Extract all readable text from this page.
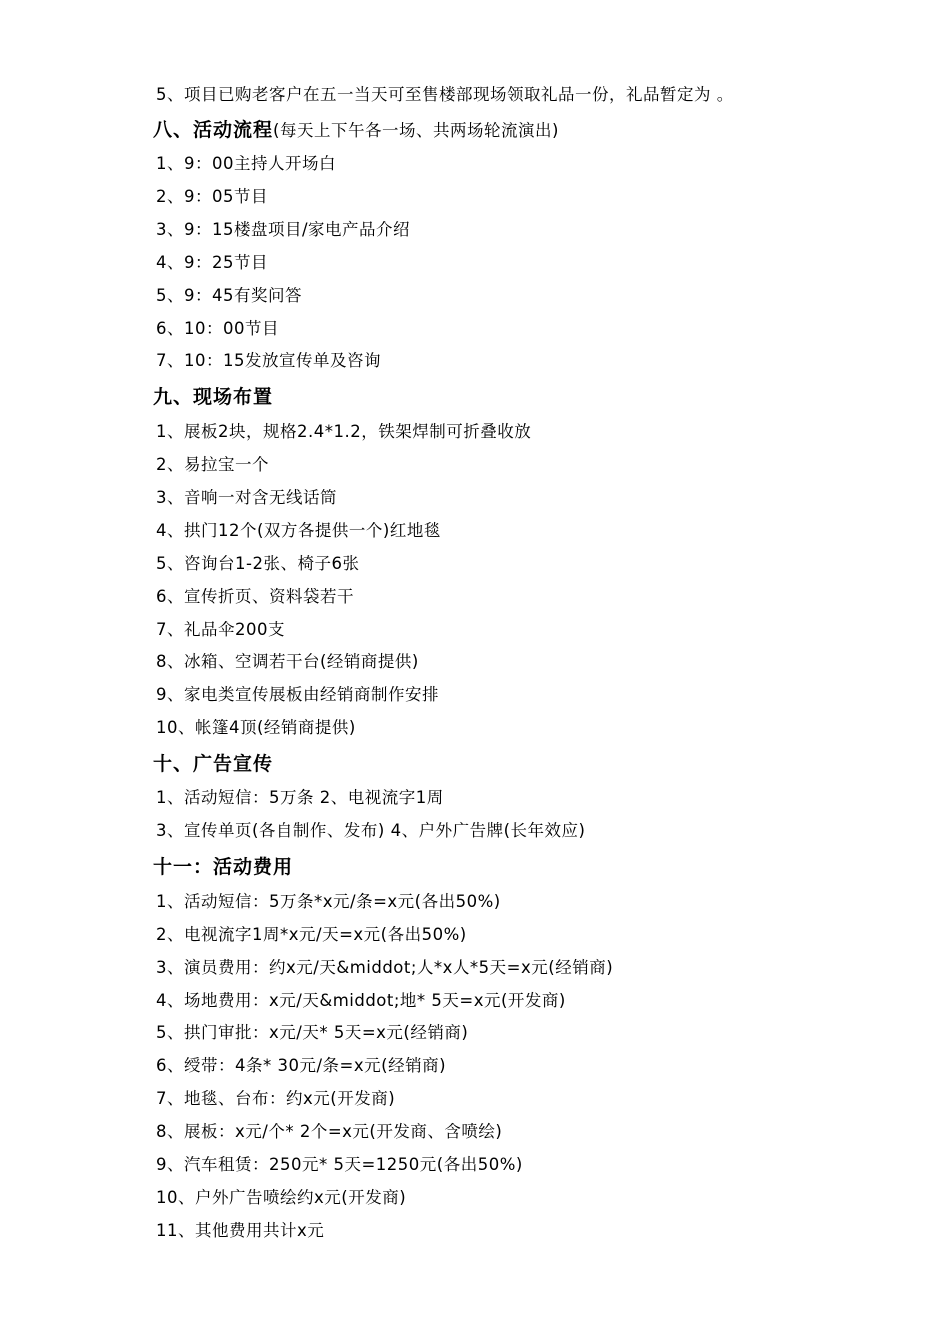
5、项目已购老客户在五一当天可至售楼部现场领取礼品一份，礼品暂定为 。
八、活动流程(每天上下午各一场、共两场轮流演出)
1、9：00主持人开场白
2、9：05节目
3、9：15楼盘项目/家电产品介绍
4、9：25节目
5、9：45有奖问答
6、10：00节目
7、10：15发放宣传单及咨询
九、现场布置
1、展板2块，规格2.4*1.2，铁架焊制可折叠收放
2、易拉宝一个
3、音响一对含无线话筒
4、拱门12个(双方各提供一个)红地毯
5、咨询台1-2张、椅子6张
6、宣传折页、资料袋若干
7、礼品伞200支
8、冰箱、空调若干台(经销商提供)
9、家电类宣传展板由经销商制作安排
10、帐篷4顶(经销商提供)
十、广告宣传
1、活动短信：5万条 2、电视流字1周
3、宣传单页(各自制作、发布) 4、户外广告牌(长年效应)
十一：活动费用
1、活动短信：5万条*x元/条=x元(各出50%)
2、电视流字1周*x元/天=x元(各出50%)
3、演员费用：约x元/天&middot;人*x人*5天=x元(经销商)
4、场地费用：x元/天&middot;地* 5天=x元(开发商)
5、拱门审批：x元/天* 5天=x元(经销商)
6、绶带：4条* 30元/条=x元(经销商)
7、地毯、台布：约x元(开发商)
8、展板：x元/个* 2个=x元(开发商、含喷绘)
9、汽车租赁：250元* 5天=1250元(各出50%)
10、户外广告喷绘约x元(开发商)
11、其他费用共计x元
